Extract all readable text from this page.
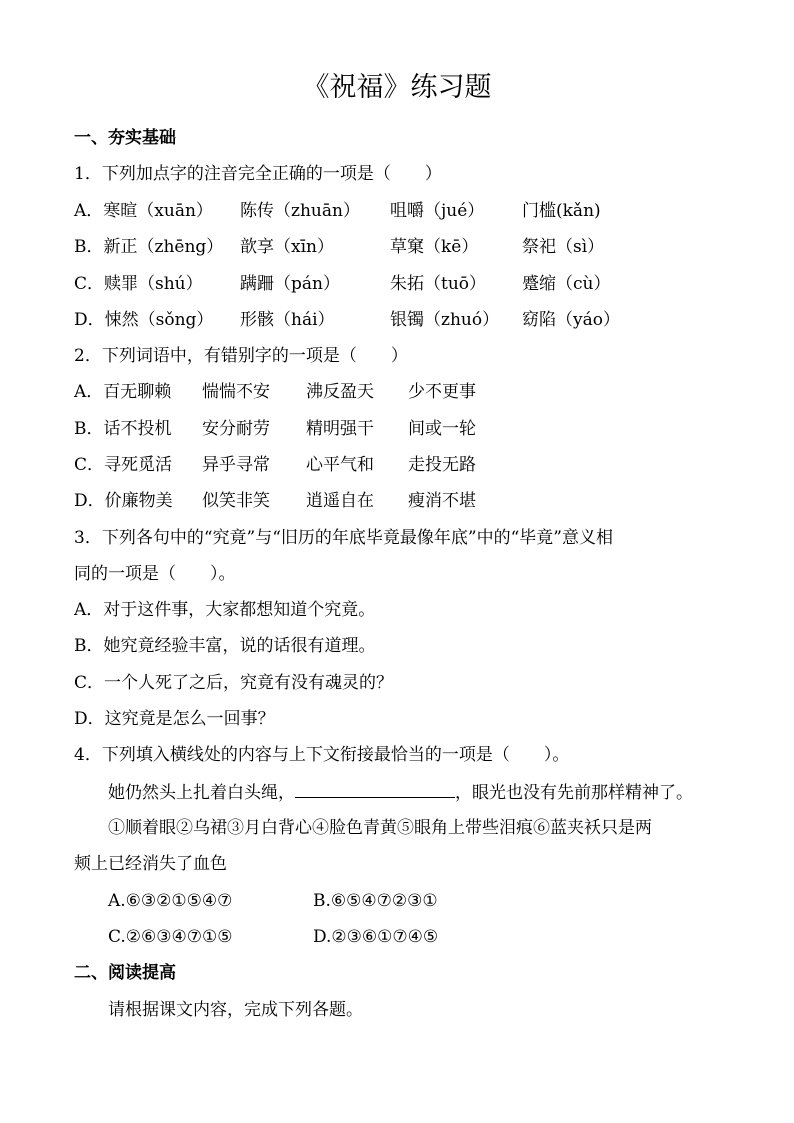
《祝福》练习题
一、夯实基础
1．下列加点字的注音完全正确的一项是（　　）
A．寒暄（xuān） 陈传（zhuān） 咀嚼（jué） 门槛(kǎn)
B．新正（zhēng） 歆享（xīn）	草窠（kē）	祭祀（sì）
C．赎罪（shú） 蹒跚（pán）	朱拓（tuō） 蹙缩（cù）
D．悚然（sǒng） 形骸（hái）	银镯（zhuó） 窈陷（yáo）
2．下列词语中，有错别字的一项是（　　）
A．百无聊赖 惴惴不安 沸反盈天 少不更事
B．话不投机 安分耐劳 精明强干 间或一轮
C．寻死觅活 异乎寻常 心平气和 走投无路
D．价廉物美 似笑非笑 逍遥自在 瘦消不堪
3．下列各句中的“究竟”与“旧历的年底毕竟最像年底”中的“毕竟”意义相
同的一项是（　　）。
A．对于这件事，大家都想知道个究竟。
B．她究竟经验丰富，说的话很有道理。
C．一个人死了之后，究竟有没有魂灵的？
D．这究竟是怎么一回事？
4．下列填入横线处的内容与上下文衔接最恰当的一项是（　　）。
她仍然头上扎着白头绳，	，眼光也没有先前那样精神了。
①顺着眼②乌裙③月白背心④脸色青黄⑤眼角上带些泪痕⑥蓝夹袄只是两
颊上已经消失了血色
A.⑥③②①⑤④⑦	B.⑥⑤④⑦②③①
C.②⑥③④⑦①⑤	D.②③⑥①⑦④⑤
二、阅读提高
请根据课文内容，完成下列各题。
